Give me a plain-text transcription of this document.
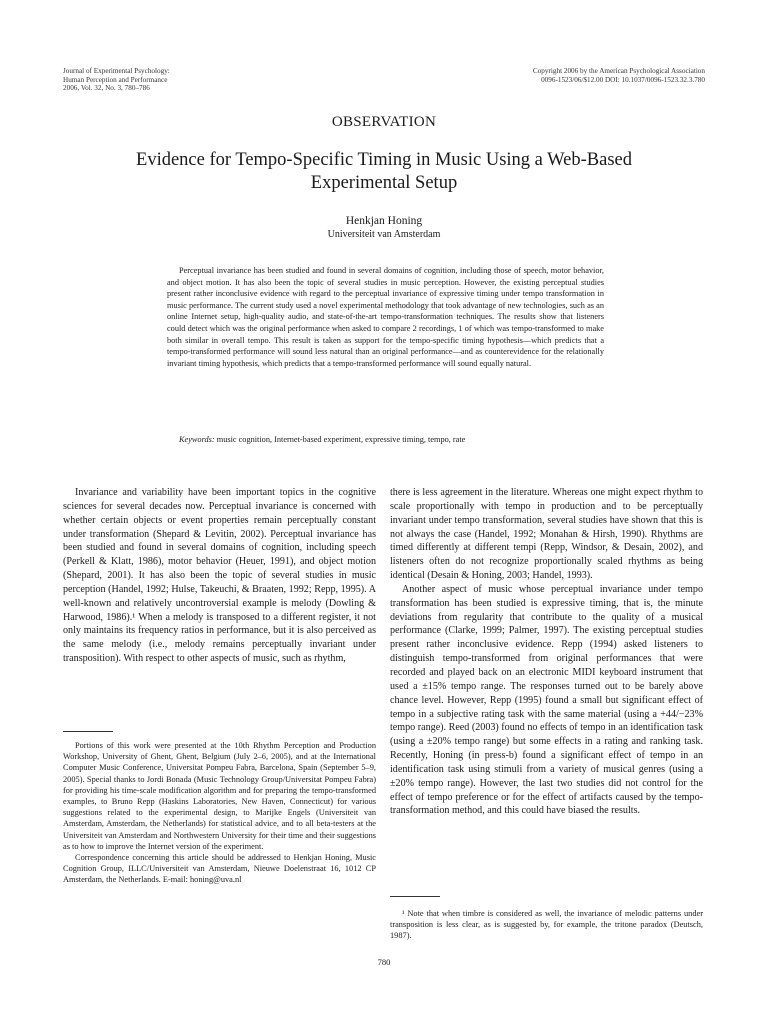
Journal of Experimental Psychology:
Human Perception and Performance
2006, Vol. 32, No. 3, 780–786
Copyright 2006 by the American Psychological Association
0096-1523/06/$12.00 DOI: 10.1037/0096-1523.32.3.780
OBSERVATION
Evidence for Tempo-Specific Timing in Music Using a Web-Based Experimental Setup
Henkjan Honing
Universiteit van Amsterdam

Perceptual invariance has been studied and found in several domains of cognition, including those of speech, motor behavior, and object motion. It has also been the topic of several studies in music perception. However, the existing perceptual studies present rather inconclusive evidence with regard to the perceptual invariance of expressive timing under tempo transformation in music performance. The current study used a novel experimental methodology that took advantage of new technologies, such as an online Internet setup, high-quality audio, and state-of-the-art tempo-transformation techniques. The results show that listeners could detect which was the original performance when asked to compare 2 recordings, 1 of which was tempo-transformed to make both similar in overall tempo. This result is taken as support for the tempo-specific timing hypothesis—which predicts that a tempo-transformed performance will sound less natural than an original performance—and as counterevidence for the relationally invariant timing hypothesis, which predicts that a tempo-transformed performance will sound equally natural.

Keywords: music cognition, Internet-based experiment, expressive timing, tempo, rate

Invariance and variability have been important topics in the cognitive sciences for several decades now. Perceptual invariance is concerned with whether certain objects or event properties remain perceptually constant under transformation (Shepard & Levitin, 2002). Perceptual invariance has been studied and found in several domains of cognition, including speech (Perkell & Klatt, 1986), motor behavior (Heuer, 1991), and object motion (Shepard, 2001). It has also been the topic of several studies in music perception (Handel, 1992; Hulse, Takeuchi, & Braaten, 1992; Repp, 1995). A well-known and relatively uncontroversial example is melody (Dowling & Harwood, 1986).¹ When a melody is transposed to a different register, it not only maintains its frequency ratios in performance, but it is also perceived as the same melody (i.e., melody remains perceptually invariant under transposition). With respect to other aspects of music, such as rhythm,

there is less agreement in the literature. Whereas one might expect rhythm to scale proportionally with tempo in production and to be perceptually invariant under tempo transformation, several studies have shown that this is not always the case (Handel, 1992; Monahan & Hirsh, 1990). Rhythms are timed differently at different tempi (Repp, Windsor, & Desain, 2002), and listeners often do not recognize proportionally scaled rhythms as being identical (Desain & Honing, 2003; Handel, 1993).

Another aspect of music whose perceptual invariance under tempo transformation has been studied is expressive timing, that is, the minute deviations from regularity that contribute to the quality of a musical performance (Clarke, 1999; Palmer, 1997). The existing perceptual studies present rather inconclusive evidence. Repp (1994) asked listeners to distinguish tempo-transformed from original performances that were recorded and played back on an electronic MIDI keyboard instrument that used a ±15% tempo range. The responses turned out to be barely above chance level. However, Repp (1995) found a small but significant effect of tempo in a subjective rating task with the same material (using a +44/−23% tempo range). Reed (2003) found no effects of tempo in an identification task (using a ±20% tempo range) but some effects in a rating and ranking task. Recently, Honing (in press-b) found a significant effect of tempo in an identification task using stimuli from a variety of musical genres (using a ±20% tempo range). However, the last two studies did not control for the effect of tempo preference or for the effect of artifacts caused by the tempo-transformation method, and this could have biased the results.

Portions of this work were presented at the 10th Rhythm Perception and Production Workshop, University of Ghent, Ghent, Belgium (July 2–6, 2005), and at the International Computer Music Conference, Universitat Pompeu Fabra, Barcelona, Spain (September 5–9, 2005). Special thanks to Jordi Bonada (Music Technology Group/Universitat Pompeu Fabra) for providing his time-scale modification algorithm and for preparing the tempo-transformed examples, to Bruno Repp (Haskins Laboratories, New Haven, Connecticut) for various suggestions related to the experimental design, to Marijke Engels (Universiteit van Amsterdam, Amsterdam, the Netherlands) for statistical advice, and to all beta-testers at the Universiteit van Amsterdam and Northwestern University for their time and their suggestions as to how to improve the Internet version of the experiment.

Correspondence concerning this article should be addressed to Henkjan Honing, Music Cognition Group, ILLC/Universiteit van Amsterdam, Nieuwe Doelenstraat 16, 1012 CP Amsterdam, the Netherlands. E-mail: honing@uva.nl

¹ Note that when timbre is considered as well, the invariance of melodic patterns under transposition is less clear, as is suggested by, for example, the tritone paradox (Deutsch, 1987).

780
